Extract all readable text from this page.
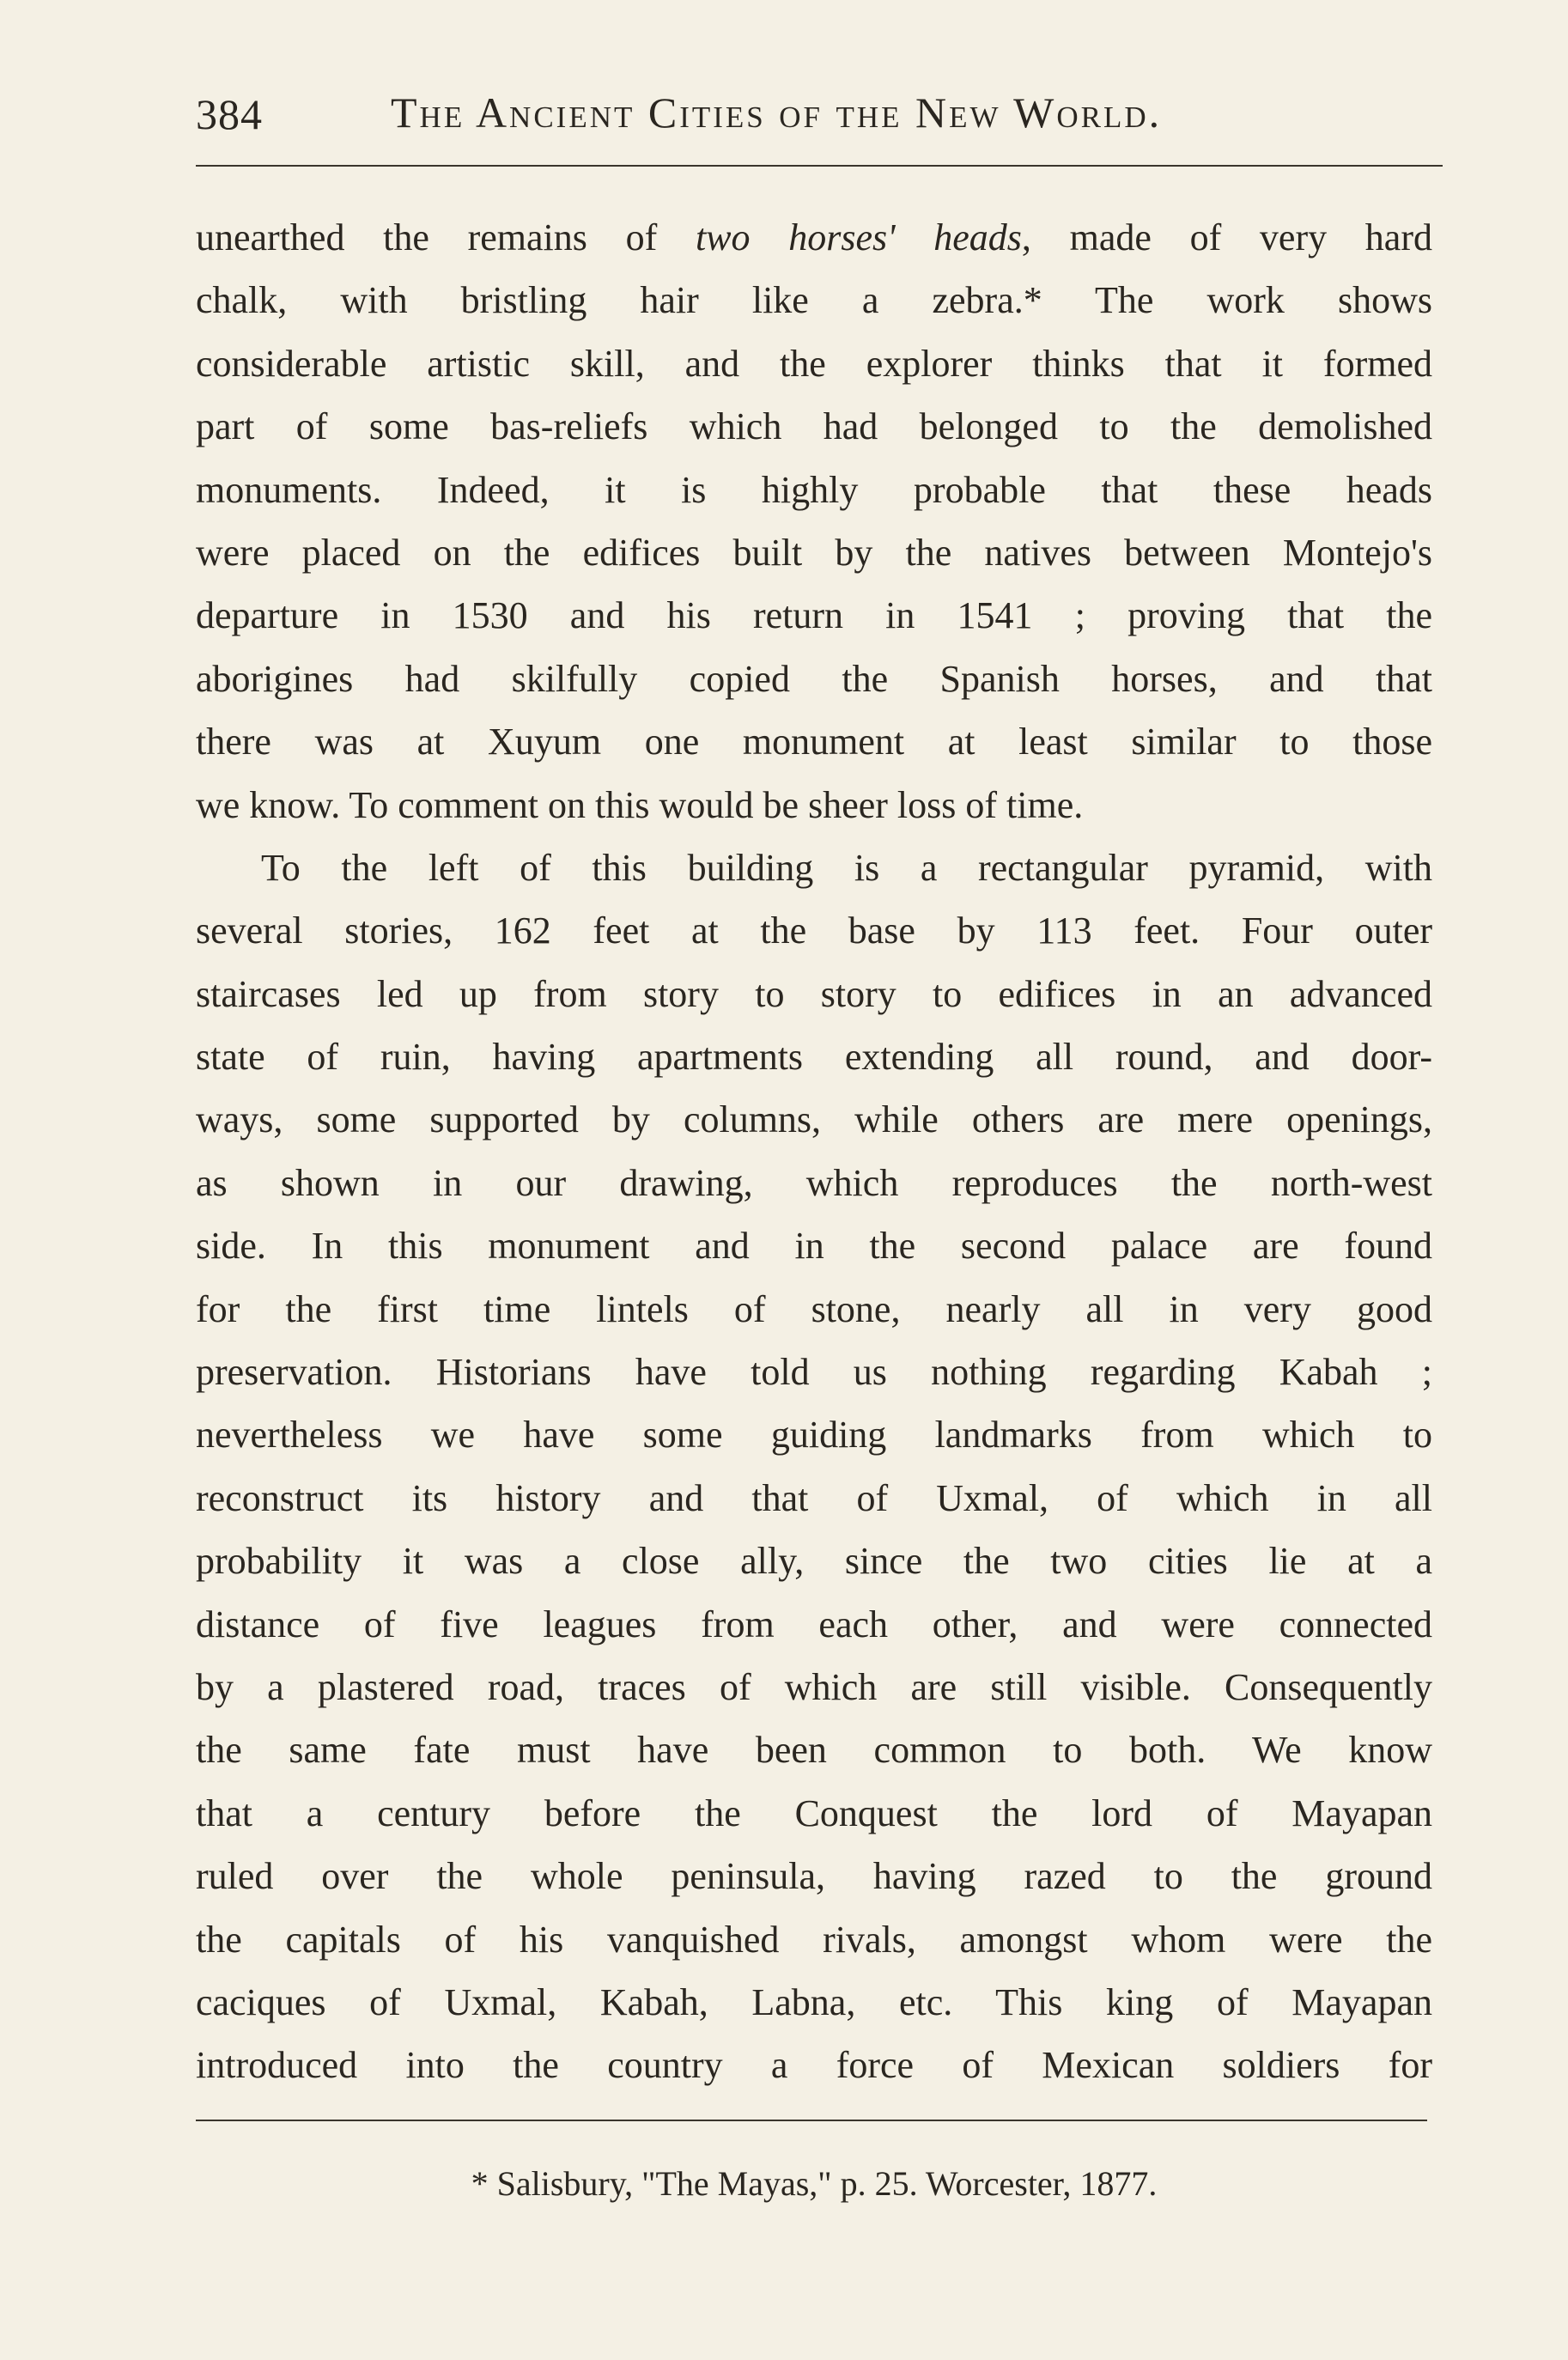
384	The Ancient Cities of the New World.
unearthed the remains of two horses' heads, made of very hard
chalk, with bristling hair like a zebra.* The work shows
considerable artistic skill, and the explorer thinks that it formed
part of some bas-reliefs which had belonged to the demolished
monuments. Indeed, it is highly probable that these heads
were placed on the edifices built by the natives between Montejo's
departure in 1530 and his return in 1541 ; proving that the
aborigines had skilfully copied the Spanish horses, and that
there was at Xuyum one monument at least similar to those
we know. To comment on this would be sheer loss of time.
To the left of this building is a rectangular pyramid, with
several stories, 162 feet at the base by 113 feet. Four outer
staircases led up from story to story to edifices in an advanced
state of ruin, having apartments extending all round, and door-
ways, some supported by columns, while others are mere openings,
as shown in our drawing, which reproduces the north-west
side. In this monument and in the second palace are found
for the first time lintels of stone, nearly all in very good
preservation. Historians have told us nothing regarding Kabah ;
nevertheless we have some guiding landmarks from which to
reconstruct its history and that of Uxmal, of which in all
probability it was a close ally, since the two cities lie at a
distance of five leagues from each other, and were connected
by a plastered road, traces of which are still visible. Consequently
the same fate must have been common to both. We know
that a century before the Conquest the lord of Mayapan
ruled over the whole peninsula, having razed to the ground
the capitals of his vanquished rivals, amongst whom were the
caciques of Uxmal, Kabah, Labna, etc. This king of Mayapan
introduced into the country a force of Mexican soldiers for
* Salisbury, "The Mayas," p. 25. Worcester, 1877.
